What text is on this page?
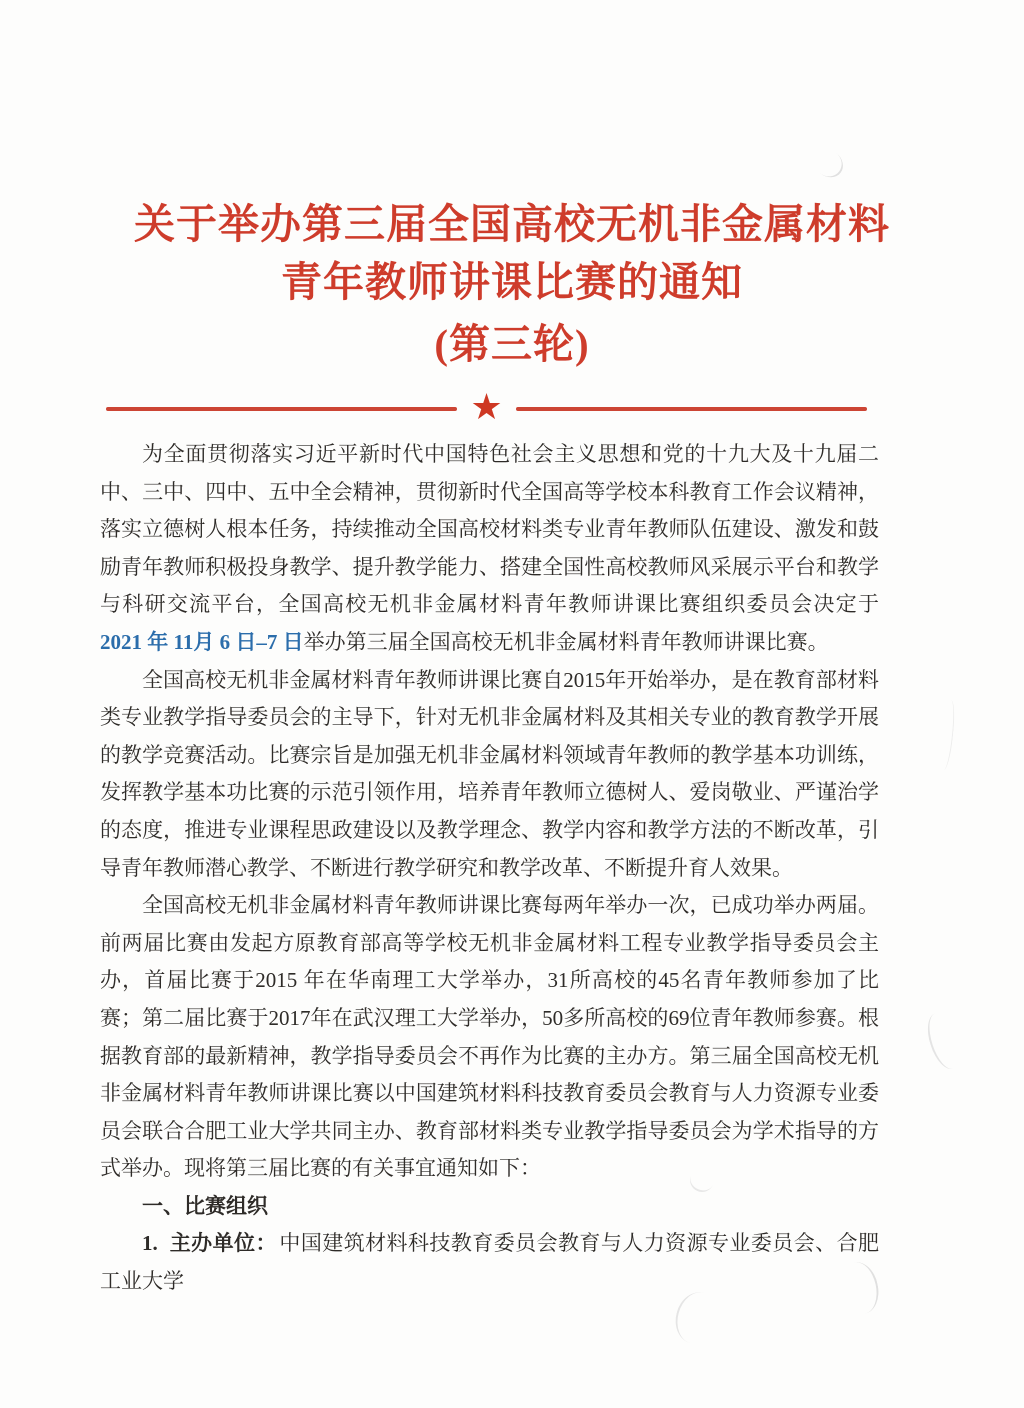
关于举办第三届全国高校无机非金属材料
青年教师讲课比赛的通知
(第三轮)
★

为全面贯彻落实习近平新时代中国特色社会主义思想和党的十九大及十九届二中、三中、四中、五中全会精神，贯彻新时代全国高等学校本科教育工作会议精神，落实立德树人根本任务，持续推动全国高校材料类专业青年教师队伍建设、激发和鼓励青年教师积极投身教学、提升教学能力、搭建全国性高校教师风采展示平台和教学与科研交流平台，全国高校无机非金属材料青年教师讲课比赛组织委员会决定于 2021 年 11月 6 日–7 日举办第三届全国高校无机非金属材料青年教师讲课比赛。

全国高校无机非金属材料青年教师讲课比赛自2015年开始举办，是在教育部材料类专业教学指导委员会的主导下，针对无机非金属材料及其相关专业的教育教学开展的教学竞赛活动。比赛宗旨是加强无机非金属材料领域青年教师的教学基本功训练，发挥教学基本功比赛的示范引领作用，培养青年教师立德树人、爱岗敬业、严谨治学的态度，推进专业课程思政建设以及教学理念、教学内容和教学方法的不断改革，引导青年教师潜心教学、不断进行教学研究和教学改革、不断提升育人效果。

全国高校无机非金属材料青年教师讲课比赛每两年举办一次，已成功举办两届。前两届比赛由发起方原教育部高等学校无机非金属材料工程专业教学指导委员会主办，首届比赛于2015 年在华南理工大学举办，31所高校的45名青年教师参加了比赛；第二届比赛于2017年在武汉理工大学举办，50多所高校的69位青年教师参赛。根据教育部的最新精神，教学指导委员会不再作为比赛的主办方。第三届全国高校无机非金属材料青年教师讲课比赛以中国建筑材料科技教育委员会教育与人力资源专业委员会联合合肥工业大学共同主办、教育部材料类专业教学指导委员会为学术指导的方式举办。现将第三届比赛的有关事宜通知如下：

一、比赛组织

1. 主办单位： 中国建筑材料科技教育委员会教育与人力资源专业委员会、合肥工业大学
